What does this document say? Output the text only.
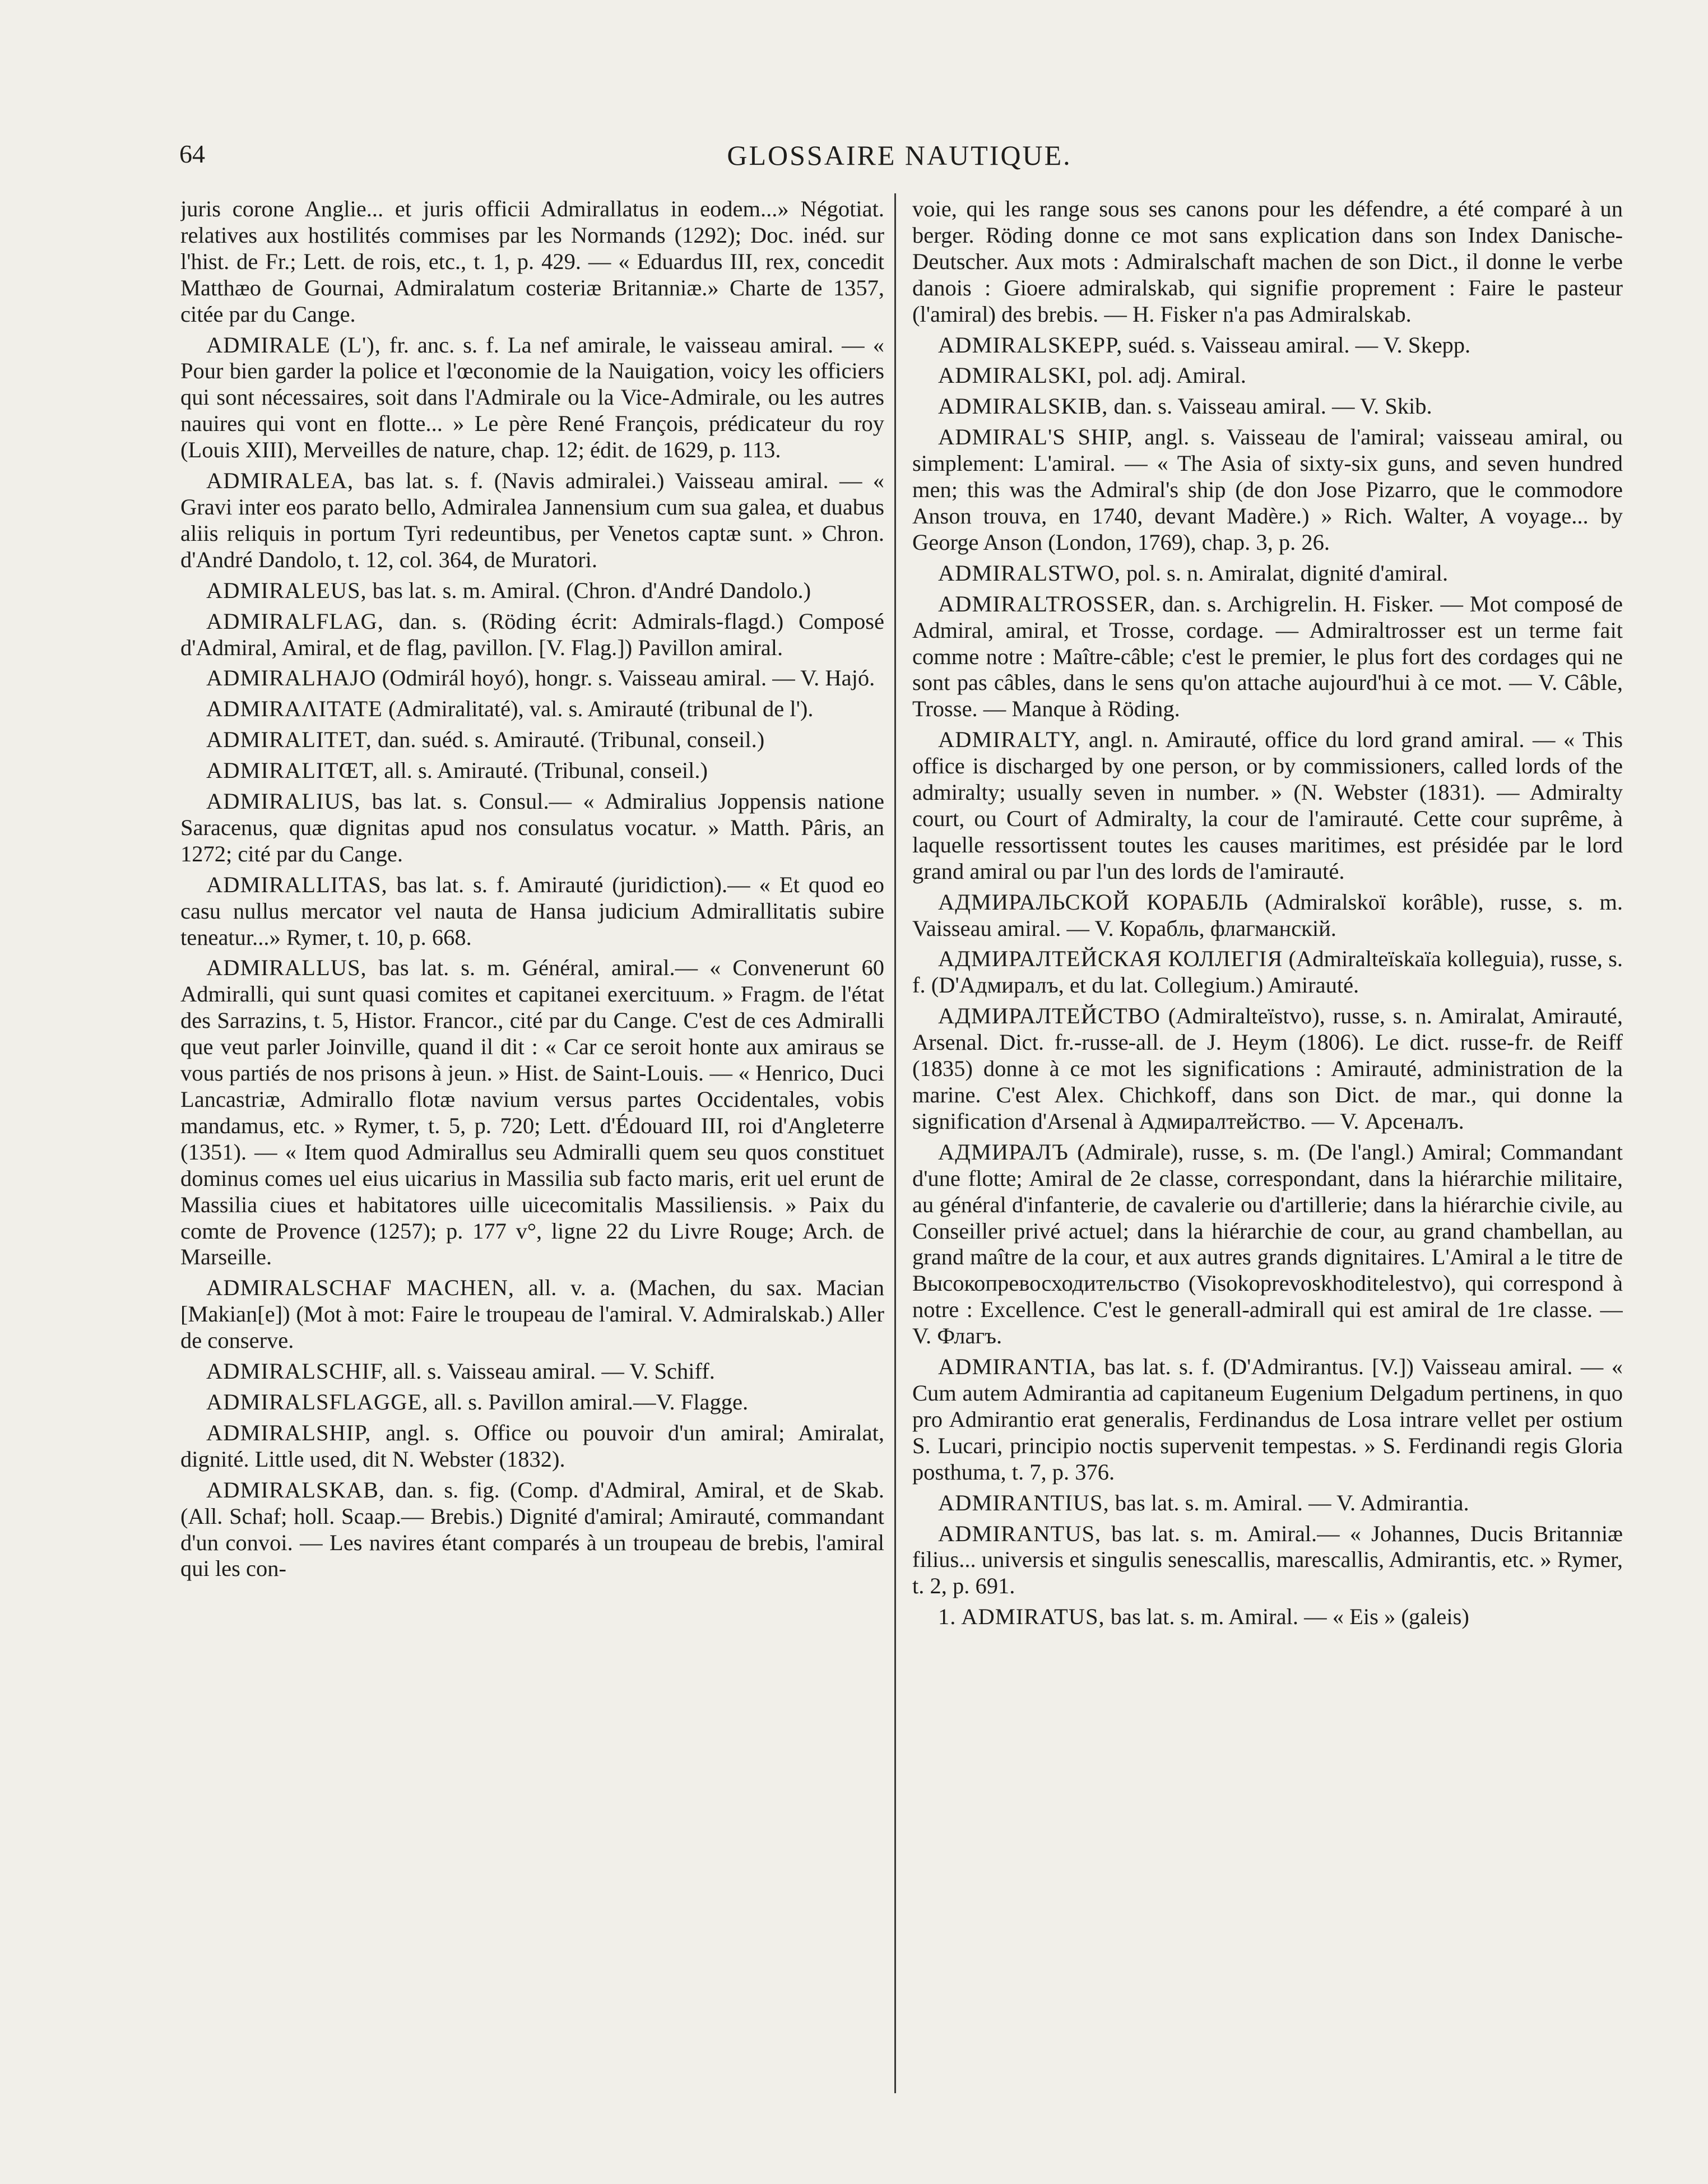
64	GLOSSAIRE NAUTIQUE.

juris corone Anglie... et juris officii Admirallatus in eodem...» Négotiat. relatives aux hostilités commises par les Normands (1292); Doc. inéd. sur l'hist. de Fr.; Lett. de rois, etc., t. 1, p. 429. — « Eduardus III, rex, concedit Matthæo de Gournai, Admiralatum costeriæ Britanniæ.» Charte de 1357, citée par du Cange.

ADMIRALE (L'), fr. anc. s. f. La nef amirale, le vaisseau amiral. — « Pour bien garder la police et l'œconomie de la Nauigation, voicy les officiers qui sont nécessaires, soit dans l'Admirale ou la Vice-Admirale, ou les autres nauires qui vont en flotte... » Le père René François, prédicateur du roy (Louis XIII), Merveilles de nature, chap. 12; édit. de 1629, p. 113.

ADMIRALEA, bas lat. s. f. (Navis admiralei.) Vaisseau amiral. — « Gravi inter eos parato bello, Admiralea Jannensium cum sua galea, et duabus aliis reliquis in portum Tyri redeuntibus, per Venetos captæ sunt. » Chron. d'André Dandolo, t. 12, col. 364, de Muratori.

ADMIRALEUS, bas lat. s. m. Amiral. (Chron. d'André Dandolo.)

ADMIRALFLAG, dan. s. (Röding écrit: Admirals-flagd.) Composé d'Admiral, Amiral, et de flag, pavillon. [V. Flag.]) Pavillon amiral.

ADMIRALHAJO (Odmirál hoyó), hongr. s. Vaisseau amiral. — V. Hajó.

ADMIRAΛITATE (Admiralitaté), val. s. Amirauté (tribunal de l').

ADMIRALITET, dan. suéd. s. Amirauté. (Tribunal, conseil.)

ADMIRALITŒT, all. s. Amirauté. (Tribunal, conseil.)

ADMIRALIUS, bas lat. s. Consul.— « Admiralius Joppensis natione Saracenus, quæ dignitas apud nos consulatus vocatur. » Matth. Pâris, an 1272; cité par du Cange.

ADMIRALLITAS, bas lat. s. f. Amirauté (juridiction).— « Et quod eo casu nullus mercator vel nauta de Hansa judicium Admirallitatis subire teneatur...» Rymer, t. 10, p. 668.

ADMIRALLUS, bas lat. s. m. Général, amiral.— « Convenerunt 60 Admiralli, qui sunt quasi comites et capitanei exercituum. » Fragm. de l'état des Sarrazins, t. 5, Histor. Francor., cité par du Cange. C'est de ces Admiralli que veut parler Joinville, quand il dit : « Car ce seroit honte aux amiraus se vous partiés de nos prisons à jeun. » Hist. de Saint-Louis. — « Henrico, Duci Lancastriæ, Admirallo flotæ navium versus partes Occidentales, vobis mandamus, etc. » Rymer, t. 5, p. 720; Lett. d'Édouard III, roi d'Angleterre (1351). — « Item quod Admirallus seu Admiralli quem seu quos constituet dominus comes uel eius uicarius in Massilia sub facto maris, erit uel erunt de Massilia ciues et habitatores uille uicecomitalis Massiliensis. » Paix du comte de Provence (1257); p. 177 v°, ligne 22 du Livre Rouge; Arch. de Marseille.

ADMIRALSCHAF MACHEN, all. v. a. (Machen, du sax. Macian [Makian[e]) (Mot à mot: Faire le troupeau de l'amiral. V. Admiralskab.) Aller de conserve.

ADMIRALSCHIF, all. s. Vaisseau amiral. — V. Schiff.

ADMIRALSFLAGGE, all. s. Pavillon amiral.—V. Flagge.

ADMIRALSHIP, angl. s. Office ou pouvoir d'un amiral; Amiralat, dignité. Little used, dit N. Webster (1832).

ADMIRALSKAB, dan. s. fig. (Comp. d'Admiral, Amiral, et de Skab. (All. Schaf; holl. Scaap.— Brebis.) Dignité d'amiral; Amirauté, commandant d'un convoi. — Les navires étant comparés à un troupeau de brebis, l'amiral qui les con-

voie, qui les range sous ses canons pour les défendre, a été comparé à un berger. Röding donne ce mot sans explication dans son Index Danische-Deutscher. Aux mots : Admiralschaft machen de son Dict., il donne le verbe danois : Gioere admiralskab, qui signifie proprement : Faire le pasteur (l'amiral) des brebis. — H. Fisker n'a pas Admiralskab.

ADMIRALSKEPP, suéd. s. Vaisseau amiral. — V. Skepp.

ADMIRALSKI, pol. adj. Amiral.

ADMIRALSKIB, dan. s. Vaisseau amiral. — V. Skib.

ADMIRAL'S SHIP, angl. s. Vaisseau de l'amiral; vaisseau amiral, ou simplement: L'amiral. — « The Asia of sixty-six guns, and seven hundred men; this was the Admiral's ship (de don Jose Pizarro, que le commodore Anson trouva, en 1740, devant Madère.) » Rich. Walter, A voyage... by George Anson (London, 1769), chap. 3, p. 26.

ADMIRALSTWO, pol. s. n. Amiralat, dignité d'amiral.

ADMIRALTROSSER, dan. s. Archigrelin. H. Fisker. — Mot composé de Admiral, amiral, et Trosse, cordage. — Admiraltrosser est un terme fait comme notre : Maître-câble; c'est le premier, le plus fort des cordages qui ne sont pas câbles, dans le sens qu'on attache aujourd'hui à ce mot. — V. Câble, Trosse. — Manque à Röding.

ADMIRALTY, angl. n. Amirauté, office du lord grand amiral. — « This office is discharged by one person, or by commissioners, called lords of the admiralty; usually seven in number. » (N. Webster (1831). — Admiralty court, ou Court of Admiralty, la cour de l'amirauté. Cette cour suprême, à laquelle ressortissent toutes les causes maritimes, est présidée par le lord grand amiral ou par l'un des lords de l'amirauté.

АДМИРАЛЬСКОЙ КОРАБЛЬ (Admiralskoï korâble), russe, s. m. Vaisseau amiral. — V. Корабль, флагманскій.

АДМИРАЛТЕЙСКАЯ КОЛЛЕГІЯ (Admiralteïskaïa kolleguia), russe, s. f. (D'Адмиралъ, et du lat. Collegium.) Amirauté.

АДМИРАЛТЕЙСТВО (Admiralteïstvo), russe, s. n. Amiralat, Amirauté, Arsenal. Dict. fr.-russe-all. de J. Heym (1806). Le dict. russe-fr. de Reiff (1835) donne à ce mot les significations : Amirauté, administration de la marine. C'est Alex. Chichkoff, dans son Dict. de mar., qui donne la signification d'Arsenal à Адмиралтейство. — V. Арсеналъ.

АДМИРАЛЪ (Admirale), russe, s. m. (De l'angl.) Amiral; Commandant d'une flotte; Amiral de 2e classe, correspondant, dans la hiérarchie militaire, au général d'infanterie, de cavalerie ou d'artillerie; dans la hiérarchie civile, au Conseiller privé actuel; dans la hiérarchie de cour, au grand chambellan, au grand maître de la cour, et aux autres grands dignitaires. L'Amiral a le titre de Высокопревосходительство (Visokoprevoskhoditelestvo), qui correspond à notre : Excellence. C'est le generall-admirall qui est amiral de 1re classe. — V. Флагъ.

ADMIRANTIA, bas lat. s. f. (D'Admirantus. [V.]) Vaisseau amiral. — « Cum autem Admirantia ad capitaneum Eugenium Delgadum pertinens, in quo pro Admirantio erat generalis, Ferdinandus de Losa intrare vellet per ostium S. Lucari, principio noctis supervenit tempestas. » S. Ferdinandi regis Gloria posthuma, t. 7, p. 376.

ADMIRANTIUS, bas lat. s. m. Amiral. — V. Admirantia.

ADMIRANTUS, bas lat. s. m. Amiral.— « Johannes, Ducis Britanniæ filius... universis et singulis senescallis, marescallis, Admirantis, etc. » Rymer, t. 2, p. 691.

1. ADMIRATUS, bas lat. s. m. Amiral. — « Eis » (galeis)
